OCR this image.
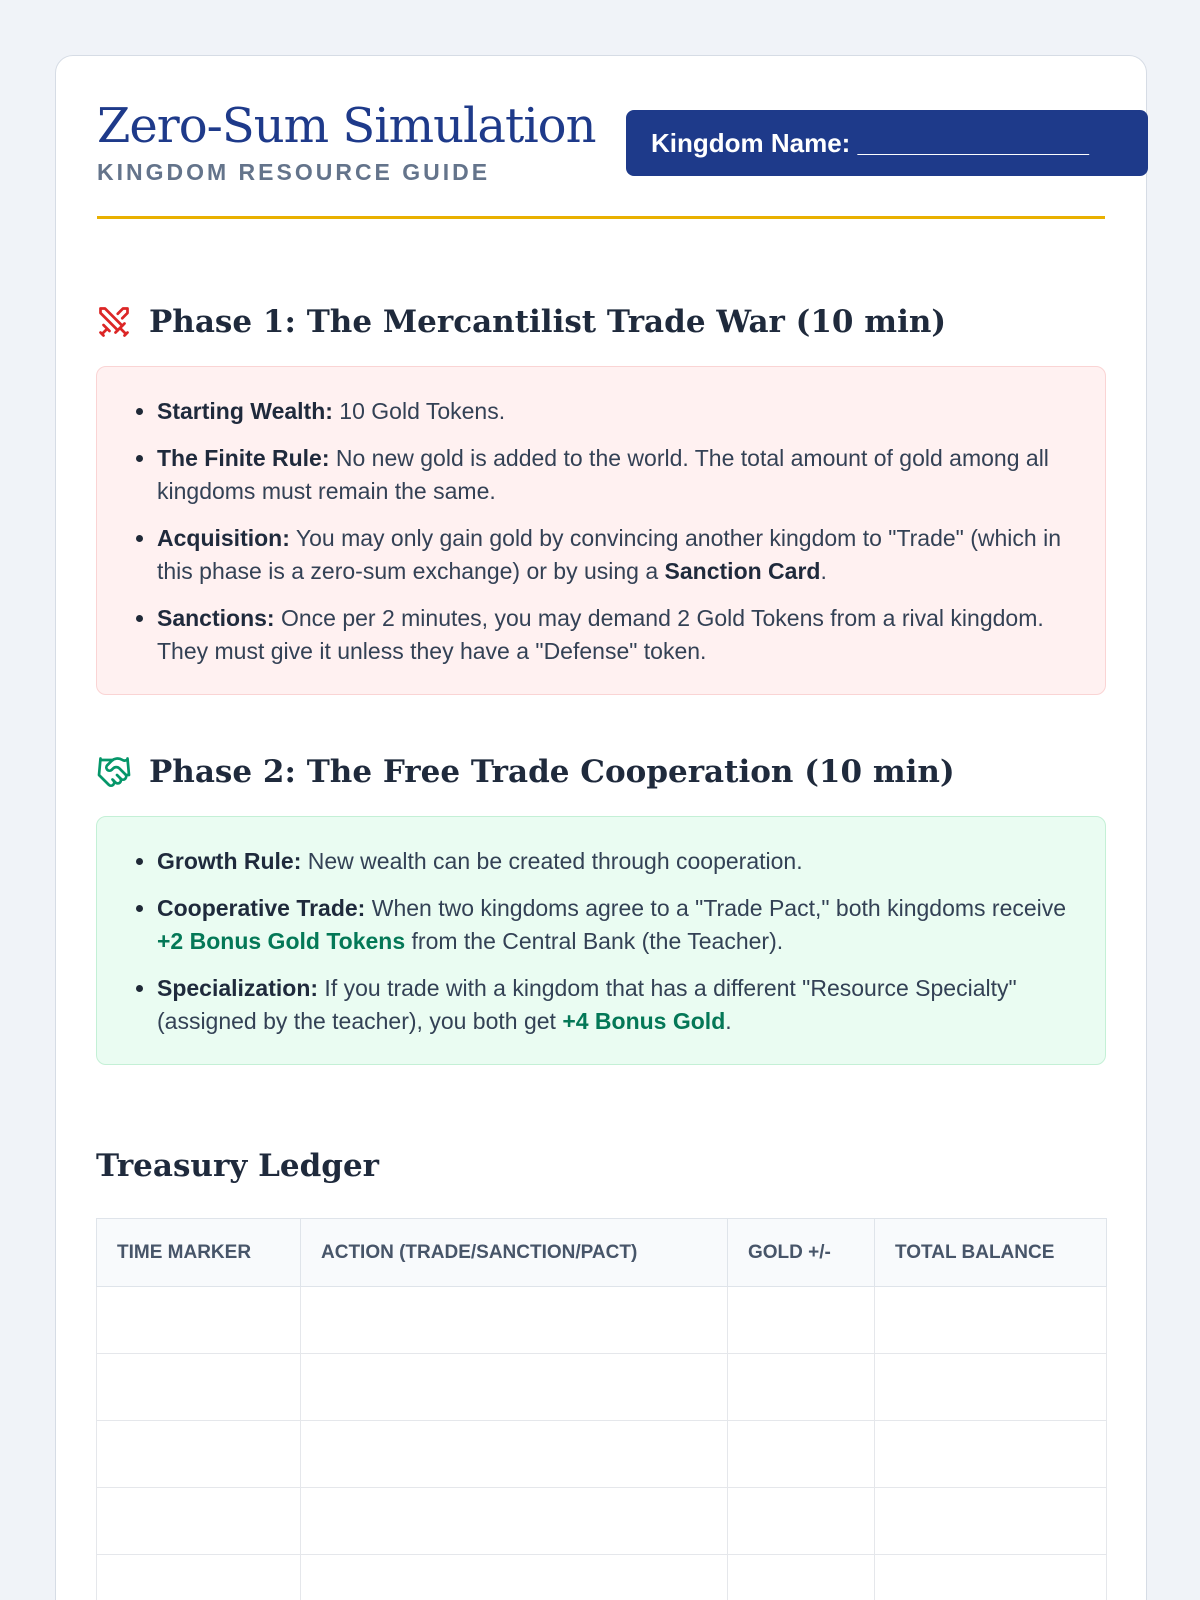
Zero-Sum Simulation
KINGDOM RESOURCE GUIDE
Kingdom Name: ________________
Phase 1: The Mercantilist Trade War (10 min)
• Starting Wealth: 10 Gold Tokens.
• The Finite Rule: No new gold is added to the world. The total amount of gold among all kingdoms must remain the same.
• Acquisition: You may only gain gold by convincing another kingdom to "Trade" (which in this phase is a zero-sum exchange) or by using a Sanction Card.
• Sanctions: Once per 2 minutes, you may demand 2 Gold Tokens from a rival kingdom. They must give it unless they have a "Defense" token.
Phase 2: The Free Trade Cooperation (10 min)
• Growth Rule: New wealth can be created through cooperation.
• Cooperative Trade: When two kingdoms agree to a "Trade Pact," both kingdoms receive +2 Bonus Gold Tokens from the Central Bank (the Teacher).
• Specialization: If you trade with a kingdom that has a different "Resource Specialty" (assigned by the teacher), you both get +4 Bonus Gold.
Treasury Ledger
TIME MARKER	ACTION (TRADE/SANCTION/PACT)	GOLD +/-	TOTAL BALANCE
